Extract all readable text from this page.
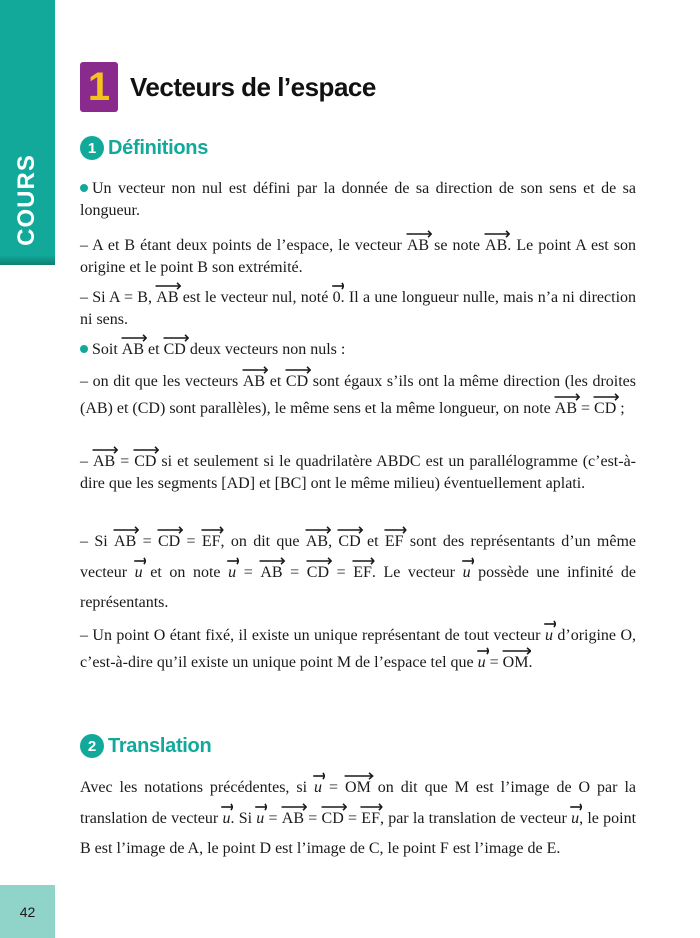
COURS
42
1 Vecteurs de l’espace
1 Définitions
Un vecteur non nul est défini par la donnée de sa direction de son sens et de sa longueur.
– A et B étant deux points de l’espace, le vecteur
AB se note
AB. Le point A est son origine et le point B son extrémité.
– Si A = B,
AB est le vecteur nul, noté
0. Il a une longueur nulle, mais n’a ni direction ni sens.
Soit
AB et
CD deux vecteurs non nuls :
– on dit que les vecteurs
AB et
CD sont égaux s’ils ont la même direction (les droites (AB) et (CD) sont parallèles), le même sens et la même longueur, on note
AB =
CD ;
–
AB =
CD si et seulement si le quadrilatère ABDC est un parallélogramme (c’est-à-dire que les segments [AD] et [BC] ont le même milieu) éventuellement aplati.
– Si
AB =
CD =
EF, on dit que
AB,
CD et
EF sont des représentants d’un même vecteur
u et on note
u =
AB =
CD =
EF. Le vecteur
u possède une infinité de représentants.
– Un point O étant fixé, il existe un unique représentant de tout vecteur
u d’origine O, c’est-à-dire qu’il existe un unique point M de l’espace tel que
u =
OM.
2 Translation
Avec les notations précédentes, si
u =
OM on dit que M est l’image de O par la translation de vecteur
u. Si
u =
AB =
CD =
EF, par la translation de vecteur
u, le point B est l’image de A, le point D est l’image de C, le point F est l’image de E.
